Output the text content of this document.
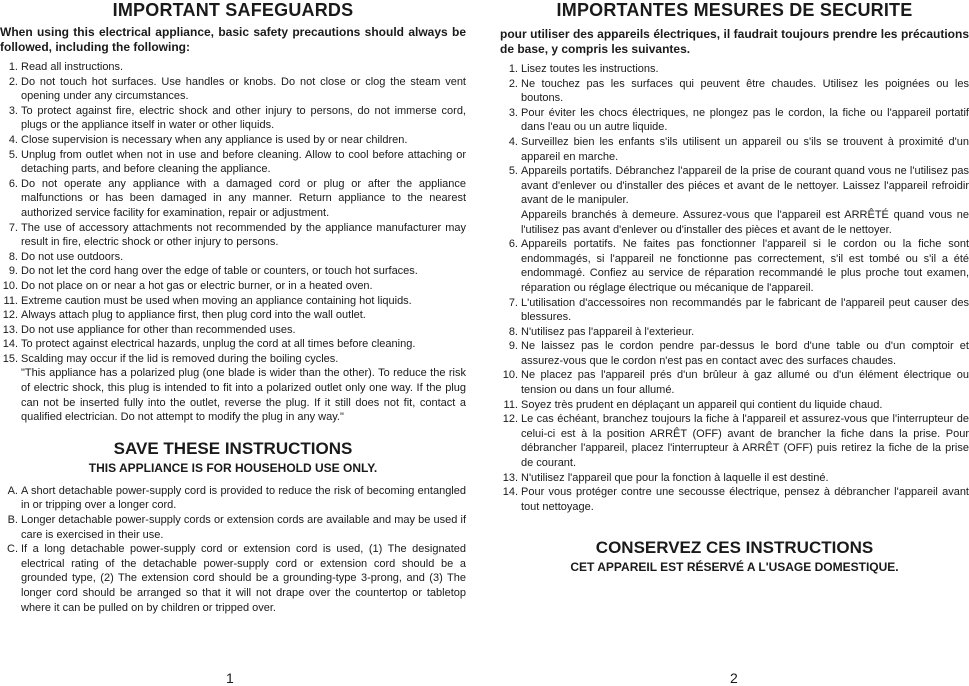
IMPORTANT SAFEGUARDS

When using this electrical appliance, basic safety precautions should always be followed, including the following:

1. Read all instructions.
2. Do not touch hot surfaces. Use handles or knobs. Do not close or clog the steam vent opening under any circumstances.
3. To protect against fire, electric shock and other injury to persons, do not immerse cord, plugs or the appliance itself in water or other liquids.
4. Close supervision is necessary when any appliance is used by or near children.
5. Unplug from outlet when not in use and before cleaning. Allow to cool before attaching or detaching parts, and before cleaning the appliance.
6. Do not operate any appliance with a damaged cord or plug or after the appliance malfunctions or has been damaged in any manner. Return appliance to the nearest authorized service facility for examination, repair or adjustment.
7. The use of accessory attachments not recommended by the appliance manufacturer may result in fire, electric shock or other injury to persons.
8. Do not use outdoors.
9. Do not let the cord hang over the edge of table or counters, or touch hot surfaces.
10. Do not place on or near a hot gas or electric burner, or in a heated oven.
11. Extreme caution must be used when moving an appliance containing hot liquids.
12. Always attach plug to appliance first, then plug cord into the wall outlet.
13. Do not use appliance for other than recommended uses.
14. To protect against electrical hazards, unplug the cord at all times before cleaning.
15. Scalding may occur if the lid is removed during the boiling cycles.
"This appliance has a polarized plug (one blade is wider than the other). To reduce the risk of electric shock, this plug is intended to fit into a polarized outlet only one way. If the plug can not be inserted fully into the outlet, reverse the plug. If it still does not fit, contact a qualified electrician. Do not attempt to modify the plug in any way."
SAVE THESE INSTRUCTIONS

THIS APPLIANCE IS FOR HOUSEHOLD USE ONLY.

A. A short detachable power-supply cord is provided to reduce the risk of becoming entangled in or tripping over a longer cord.
B. Longer detachable power-supply cords or extension cords are available and may be used if care is exercised in their use.
C. If a long detachable power-supply cord or extension cord is used, (1) The designated electrical rating of the detachable power-supply cord or extension cord should be a grounded type, (2) The extension cord should be a grounding-type 3-prong, and (3) The longer cord should be arranged so that it will not drape over the countertop or tabletop where it can be pulled on by children or tripped over.
IMPORTANTES MESURES DE SECURITE

pour utiliser des appareils électriques, il faudrait toujours prendre les précautions de base, y compris les suivantes.

1. Lisez toutes les instructions.
2. Ne touchez pas les surfaces qui peuvent être chaudes. Utilisez les poignées ou les boutons.
3. Pour éviter les chocs électriques, ne plongez pas le cordon, la fiche ou l'appareil portatif dans l'eau ou un autre liquide.
4. Surveillez bien les enfants s'ils utilisent un appareil ou s'ils se trouvent à proximité d'un appareil en marche.
5. Appareils portatifs. Débranchez l'appareil de la prise de courant quand vous ne l'utilisez pas avant d'enlever ou d'installer des piéces et avant de le nettoyer. Laissez l'appareil refroidir avant de le manipuler.
Appareils branchés à demeure. Assurez-vous que l'appareil est ARRÊTÉ quand vous ne l'utilisez pas avant d'enlever ou d'installer des pièces et avant de le nettoyer.
6. Appareils portatifs. Ne faites pas fonctionner l'appareil si le cordon ou la fiche sont endommagés, si l'appareil ne fonctionne pas correctement, s'il est tombé ou s'il a été endommagé. Confiez au service de réparation recommandé le plus proche tout examen, réparation ou réglage électrique ou mécanique de l'appareil.
7. L'utilisation d'accessoires non recommandés par le fabricant de l'appareil peut causer des blessures.
8. N'utilisez pas l'appareil à l'exterieur.
9. Ne laissez pas le cordon pendre par-dessus le bord d'une table ou d'un comptoir et assurez-vous que le cordon n'est pas en contact avec des surfaces chaudes.
10. Ne placez pas l'appareil prés d'un brûleur à gaz allumé ou d'un élément électrique ou tension ou dans un four allumé.
11. Soyez très prudent en déplaçant un appareil qui contient du liquide chaud.
12. Le cas échéant, branchez toujours la fiche à l'appareil et assurez-vous que l'interrupteur de celui-ci est à la position ARRÊT (OFF) avant de brancher la fiche dans la prise. Pour débrancher l'appareil, placez l'interrupteur à ARRÊT (OFF) puis retirez la fiche de la prise de courant.
13. N'utilisez l'appareil que pour la fonction à laquelle il est destiné.
14. Pour vous protéger contre une secousse électrique, pensez à débrancher l'appareil avant tout nettoyage.
CONSERVEZ CES INSTRUCTIONS

CET APPAREIL EST RÉSERVÉ A L'USAGE DOMESTIQUE.

1	2
